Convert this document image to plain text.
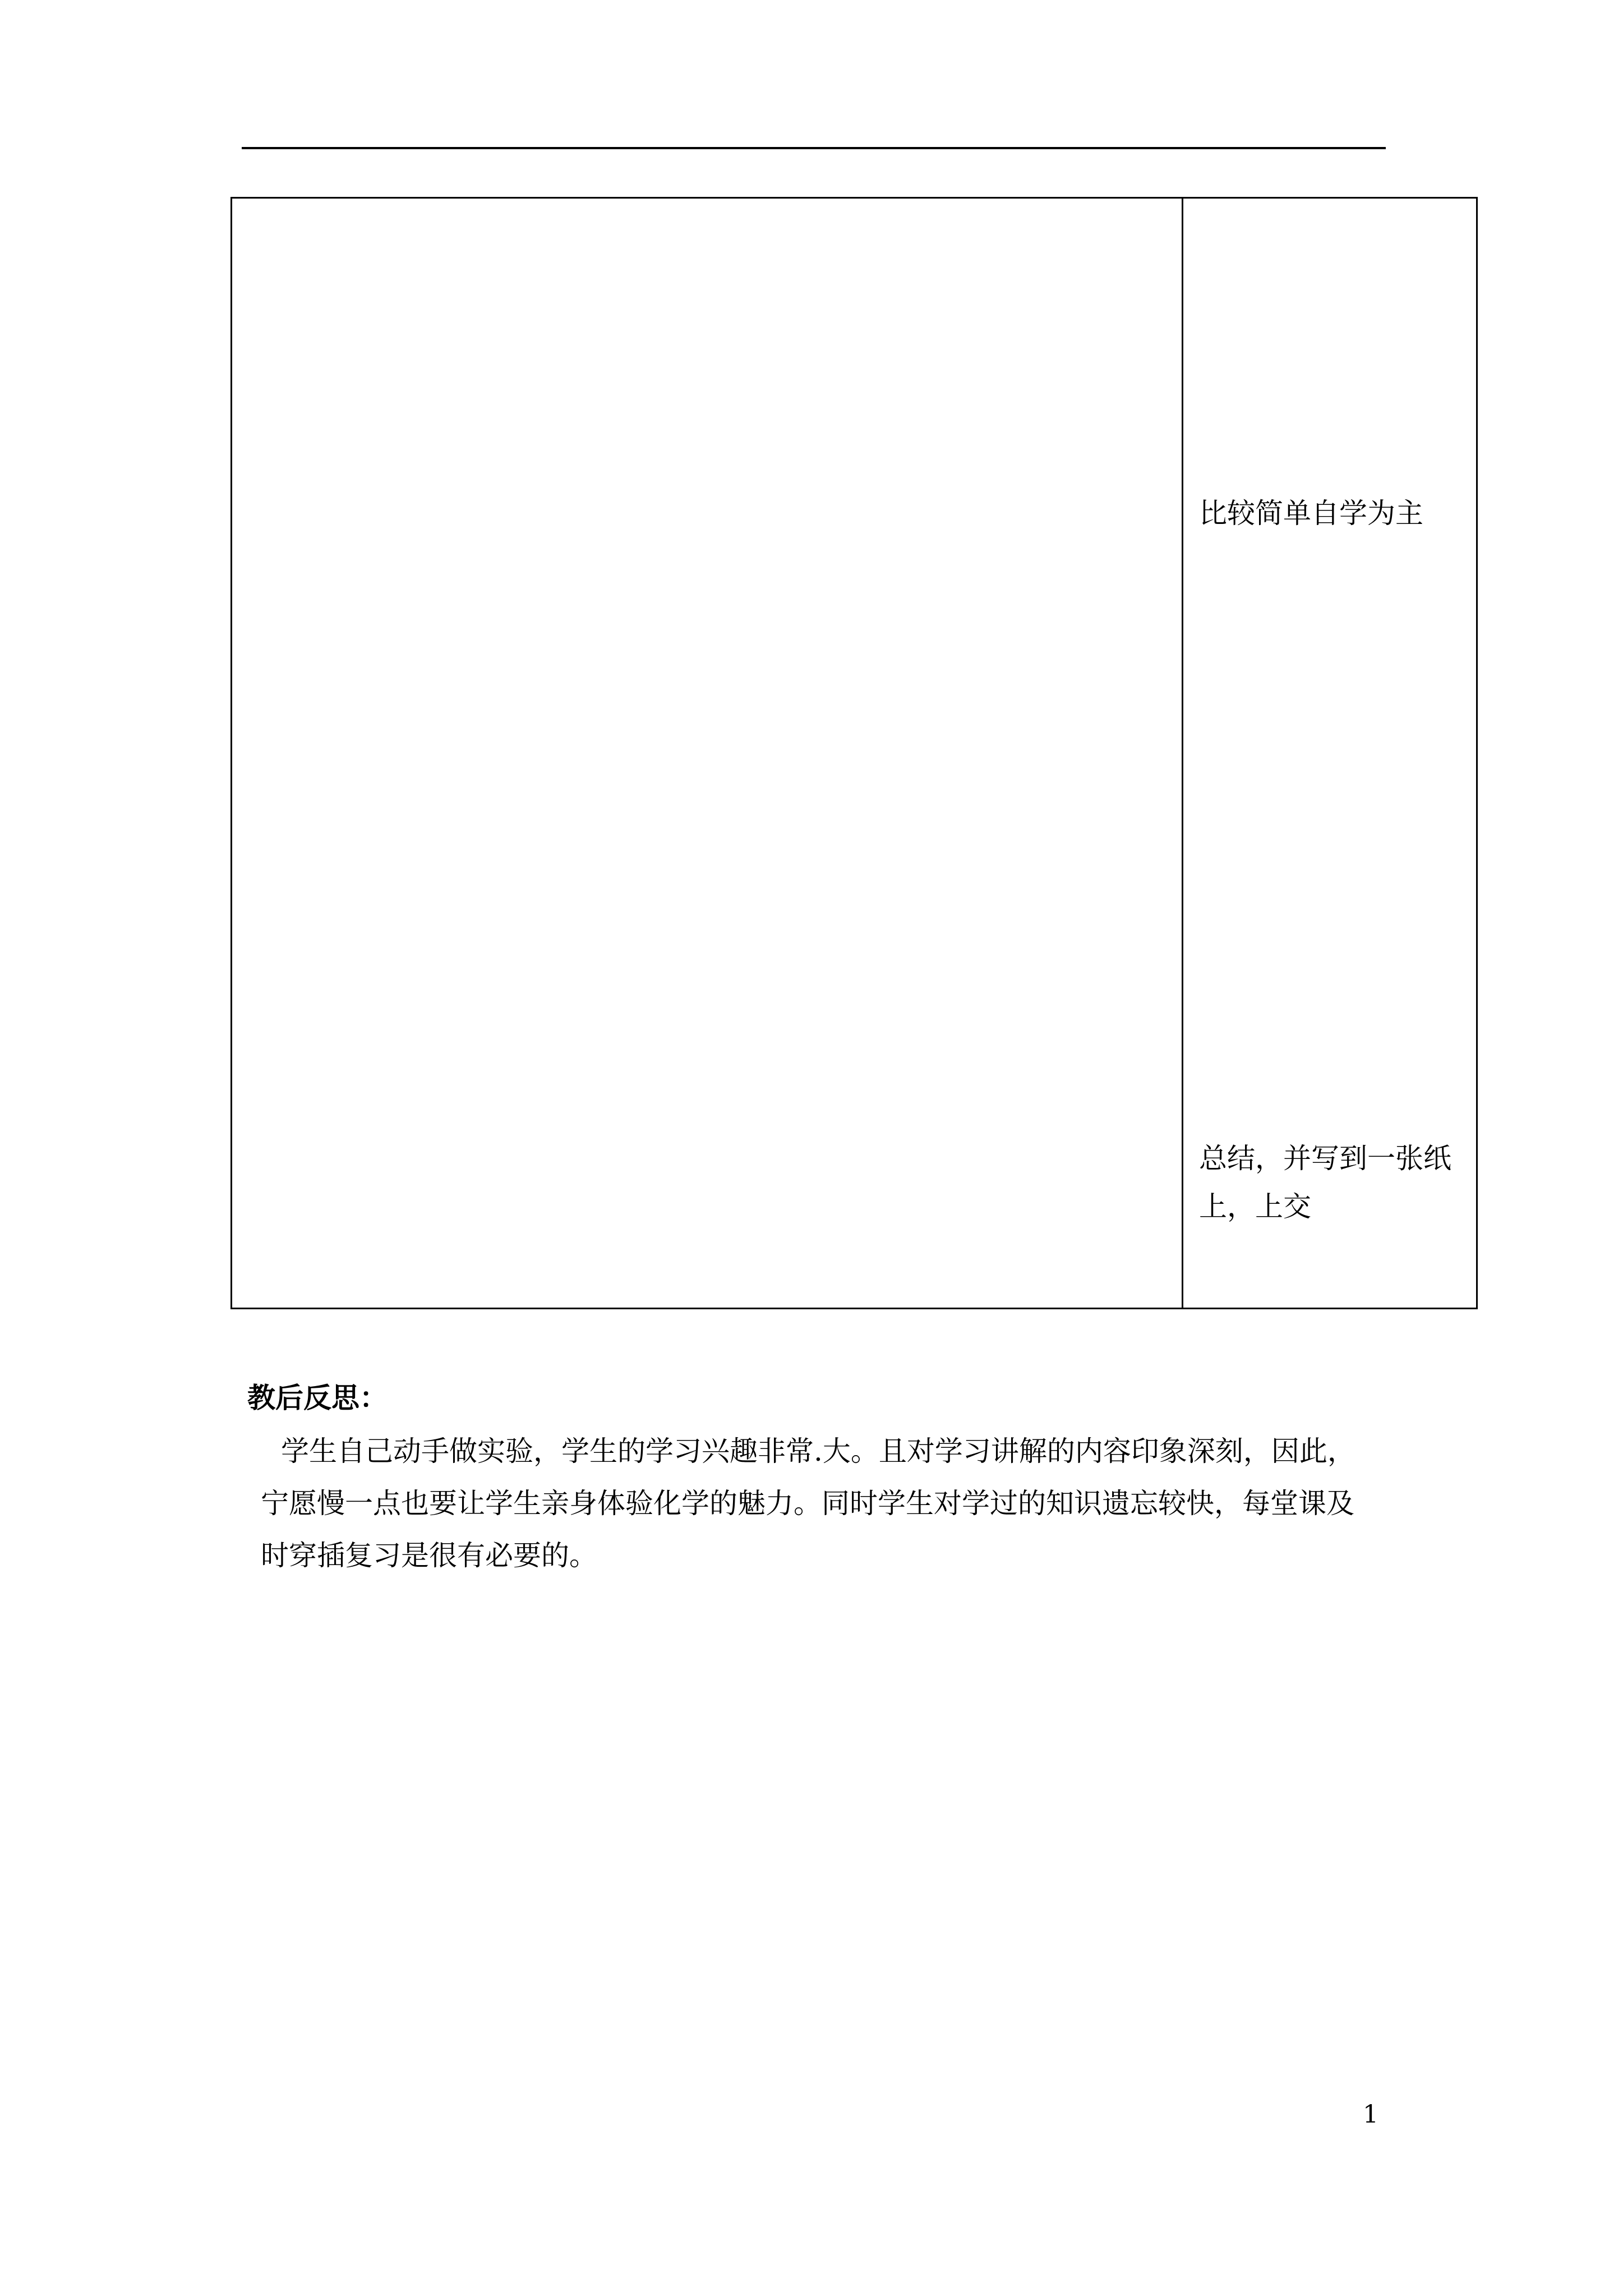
比较简单自学为主
总结，并写到一张纸
上，上交
教后反思：
学生自己动手做实验，学生的学习兴趣非常.大。且对学习讲解的内容印象深刻，因此，
宁愿慢一点也要让学生亲身体验化学的魅力。同时学生对学过的知识遗忘较快，每堂课及
时穿插复习是很有必要的。
1
